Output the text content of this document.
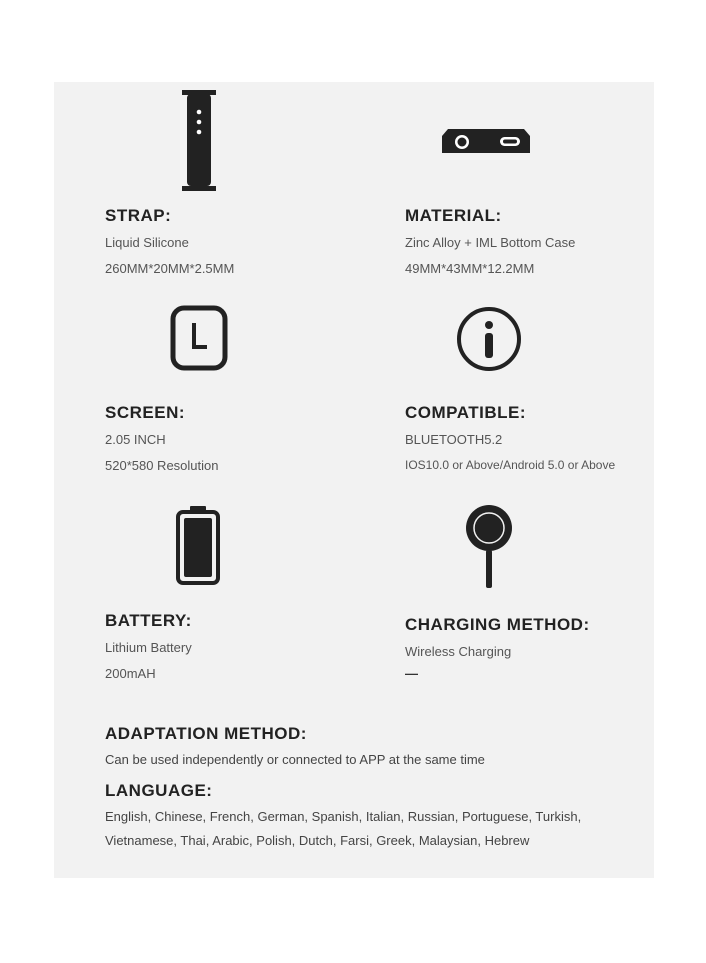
STRAP:
Liquid Silicone
260MM*20MM*2.5MM
MATERIAL:
Zinc Alloy + IML Bottom Case
49MM*43MM*12.2MM
SCREEN:
2.05 INCH
520*580 Resolution
COMPATIBLE:
BLUETOOTH5.2
IOS10.0 or Above/Android 5.0 or Above
BATTERY:
Lithium Battery
200mAH
CHARGING METHOD:
Wireless Charging
—
ADAPTATION METHOD:
Can be used independently or connected to APP at the same time
LANGUAGE:
English, Chinese, French, German, Spanish, Italian, Russian, Portuguese, Turkish,
Vietnamese, Thai, Arabic, Polish, Dutch, Farsi, Greek, Malaysian, Hebrew
